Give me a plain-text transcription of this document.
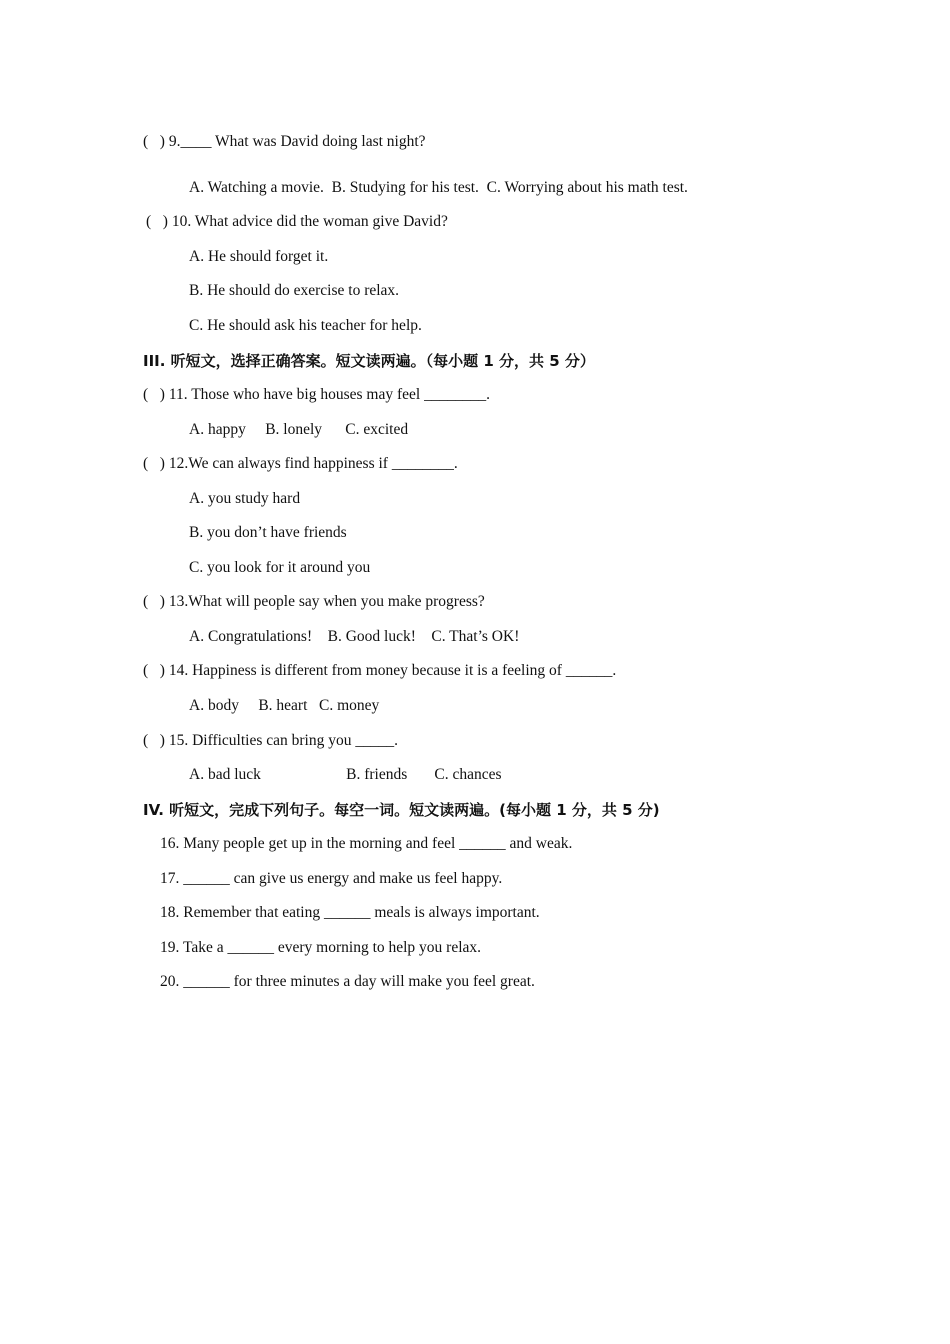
(   ) 9.____ What was David doing last night?
A. Watching a movie.  B. Studying for his test.  C. Worrying about his math test.
(   ) 10. What advice did the woman give David?
A. He should forget it.
B. He should do exercise to relax.
C. He should ask his teacher for help.
III. 听短文，选择正确答案。短文读两遍。（每小题 1 分，共 5 分）
(   ) 11. Those who have big houses may feel ________.
A. happy     B. lonely      C. excited
(   ) 12.We can always find happiness if ________.
A. you study hard
B. you don’t have friends
C. you look for it around you
(   ) 13.What will people say when you make progress?
A. Congratulations!    B. Good luck!    C. That’s OK!
(   ) 14. Happiness is different from money because it is a feeling of ______.
A. body     B. heart   C. money
(   ) 15. Difficulties can bring you _____.
A. bad luck                      B. friends       C. chances
IV. 听短文，完成下列句子。每空一词。短文读两遍。(每小题 1 分，共 5 分)
16. Many people get up in the morning and feel ______ and weak.
17. ______ can give us energy and make us feel happy.
18. Remember that eating ______ meals is always important.
19. Take a ______ every morning to help you relax.
20. ______ for three minutes a day will make you feel great.
